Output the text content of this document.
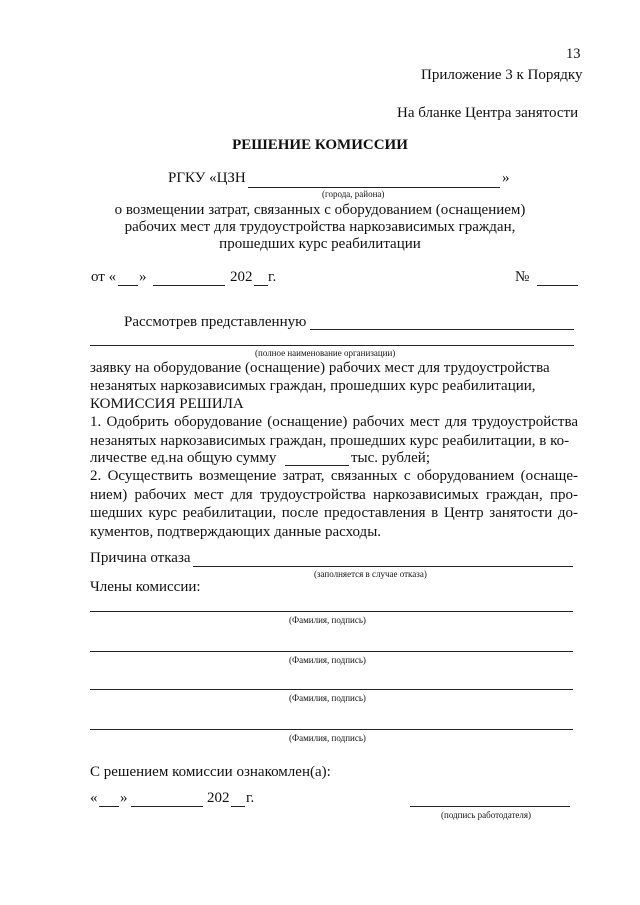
13
Приложение 3 к Порядку
На бланке Центра занятости
РЕШЕНИЕ КОМИССИИ
РГКУ «ЦЗН	»
(города, района)
о возмещении затрат, связанных с оборудованием (оснащением)
рабочих мест для трудоустройства наркозависимых граждан,
прошедших курс реабилитации
от « »	202 г.	№
Рассмотрев представленную
(полное наименование организации)
заявку на оборудование (оснащение) рабочих мест для трудоустройства
незанятых наркозависимых граждан, прошедших курс реабилитации,
КОМИССИЯ РЕШИЛА
1. Одобрить оборудование (оснащение) рабочих мест для трудоустройства незанятых наркозависимых граждан, прошедших курс реабилитации, в ко-
личестве ед.на общую сумму	тыс. рублей;
2. Осуществить возмещение затрат, связанных с оборудованием (оснаще-нием) рабочих мест для трудоустройства наркозависимых граждан, про-шедших курс реабилитации, после предоставления в Центр занятости до-кументов, подтверждающих данные расходы.
Причина отказа
(заполняется в случае отказа)
Члены комиссии:
(Фамилия, подпись)
(Фамилия, подпись)
(Фамилия, подпись)
(Фамилия, подпись)
С решением комиссии ознакомлен(а):
« »	202 г.
(подпись работодателя)
